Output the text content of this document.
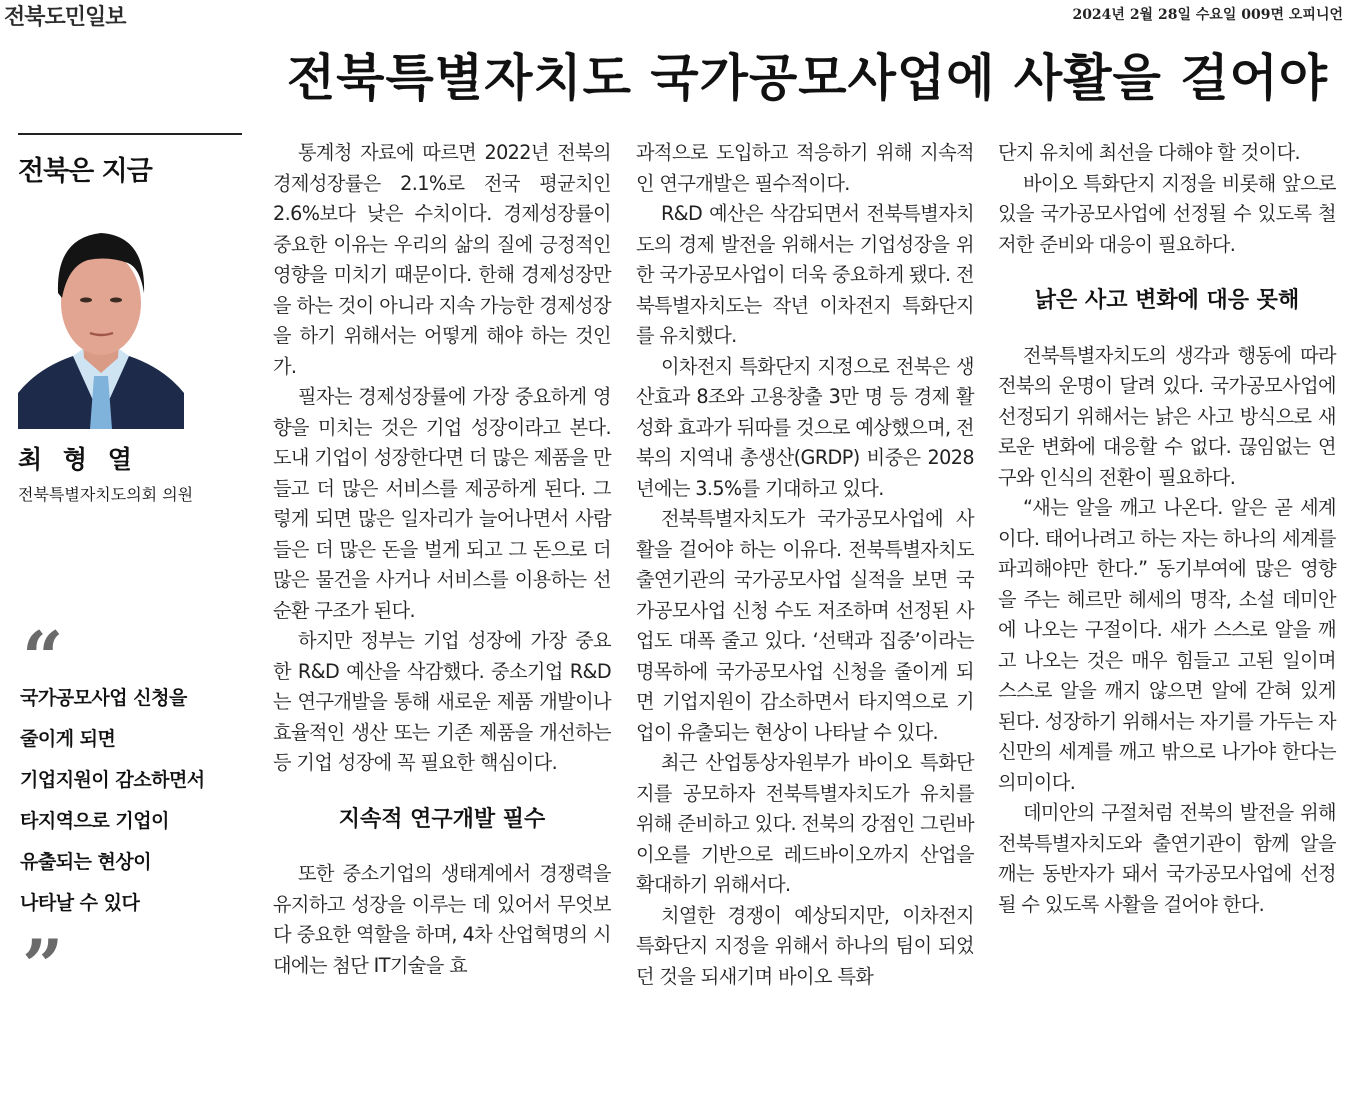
전북도민일보	2024년 2월 28일 수요일 009면 오피니언
전북특별자치도 국가공모사업에 사활을 걸어야
전북은 지금
최 형 열
전북특별자치도의회 의원
“
국가공모사업 신청을
줄이게 되면
기업지원이 감소하면서
타지역으로 기업이
유출되는 현상이
나타날 수 있다
”

통계청 자료에 따르면 2022년 전북의 경제성장률은 2.1%로 전국 평균치인 2.6%보다 낮은 수치이다. 경제성장률이 중요한 이유는 우리의 삶의 질에 긍정적인 영향을 미치기 때문이다. 한해 경제성장만을 하는 것이 아니라 지속 가능한 경제성장을 하기 위해서는 어떻게 해야 하는 것인가.

필자는 경제성장률에 가장 중요하게 영향을 미치는 것은 기업 성장이라고 본다. 도내 기업이 성장한다면 더 많은 제품을 만들고 더 많은 서비스를 제공하게 된다. 그렇게 되면 많은 일자리가 늘어나면서 사람들은 더 많은 돈을 벌게 되고 그 돈으로 더 많은 물건을 사거나 서비스를 이용하는 선순환 구조가 된다.

하지만 정부는 기업 성장에 가장 중요한 R&D 예산을 삭감했다. 중소기업 R&D는 연구개발을 통해 새로운 제품 개발이나 효율적인 생산 또는 기존 제품을 개선하는 등 기업 성장에 꼭 필요한 핵심이다.

지속적 연구개발 필수

또한 중소기업의 생태계에서 경쟁력을 유지하고 성장을 이루는 데 있어서 무엇보다 중요한 역할을 하며, 4차 산업혁명의 시대에는 첨단 IT기술을 효

과적으로 도입하고 적응하기 위해 지속적인 연구개발은 필수적이다.

R&D 예산은 삭감되면서 전북특별자치도의 경제 발전을 위해서는 기업성장을 위한 국가공모사업이 더욱 중요하게 됐다. 전북특별자치도는 작년 이차전지 특화단지를 유치했다.

이차전지 특화단지 지정으로 전북은 생산효과 8조와 고용창출 3만 명 등 경제 활성화 효과가 뒤따를 것으로 예상했으며, 전북의 지역내 총생산(GRDP) 비중은 2028년에는 3.5%를 기대하고 있다.

전북특별자치도가 국가공모사업에 사활을 걸어야 하는 이유다. 전북특별자치도 출연기관의 국가공모사업 실적을 보면 국가공모사업 신청 수도 저조하며 선정된 사업도 대폭 줄고 있다. ‘선택과 집중’이라는 명목하에 국가공모사업 신청을 줄이게 되면 기업지원이 감소하면서 타지역으로 기업이 유출되는 현상이 나타날 수 있다.

최근 산업통상자원부가 바이오 특화단지를 공모하자 전북특별자치도가 유치를 위해 준비하고 있다. 전북의 강점인 그린바이오를 기반으로 레드바이오까지 산업을 확대하기 위해서다.

치열한 경쟁이 예상되지만, 이차전지 특화단지 지정을 위해서 하나의 팀이 되었던 것을 되새기며 바이오 특화

단지 유치에 최선을 다해야 할 것이다.

바이오 특화단지 지정을 비롯해 앞으로 있을 국가공모사업에 선정될 수 있도록 철저한 준비와 대응이 필요하다.

낡은 사고 변화에 대응 못해

전북특별자치도의 생각과 행동에 따라 전북의 운명이 달려 있다. 국가공모사업에 선정되기 위해서는 낡은 사고 방식으로 새로운 변화에 대응할 수 없다. 끊임없는 연구와 인식의 전환이 필요하다.

“새는 알을 깨고 나온다. 알은 곧 세계이다. 태어나려고 하는 자는 하나의 세계를 파괴해야만 한다.” 동기부여에 많은 영향을 주는 헤르만 헤세의 명작, 소설 데미안에 나오는 구절이다. 새가 스스로 알을 깨고 나오는 것은 매우 힘들고 고된 일이며 스스로 알을 깨지 않으면 알에 갇혀 있게 된다. 성장하기 위해서는 자기를 가두는 자신만의 세계를 깨고 밖으로 나가야 한다는 의미이다.

데미안의 구절처럼 전북의 발전을 위해 전북특별자치도와 출연기관이 함께 알을 깨는 동반자가 돼서 국가공모사업에 선정될 수 있도록 사활을 걸어야 한다.
